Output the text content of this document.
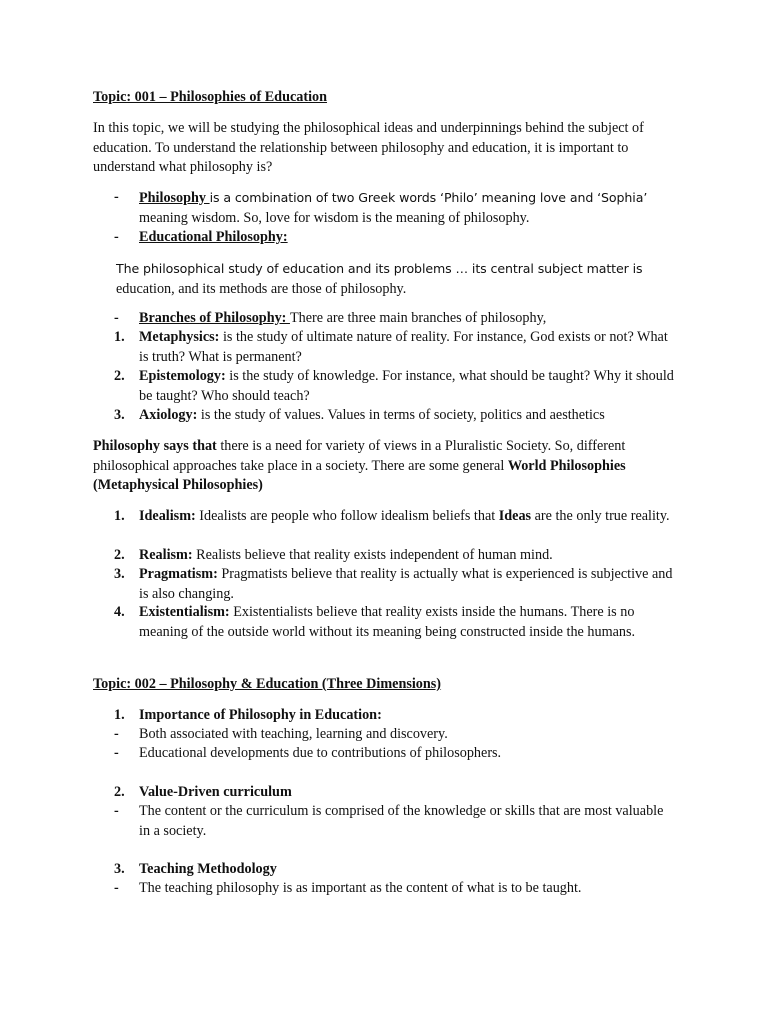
Topic: 001 – Philosophies of Education

In this topic, we will be studying the philosophical ideas and underpinnings behind the subject of education. To understand the relationship between philosophy and education, it is important to understand what philosophy is?

-	Philosophy is a combination of two Greek words ‘Philo’ meaning love and ‘Sophia’
meaning wisdom. So, love for wisdom is the meaning of philosophy.
-	Educational Philosophy:

The philosophical study of education and its problems … its central subject matter is
education, and its methods are those of philosophy.

-	Branches of Philosophy: There are three main branches of philosophy,
1.	Metaphysics: is the study of ultimate nature of reality. For instance, God exists or not? What is truth? What is permanent?
2.	Epistemology: is the study of knowledge. For instance, what should be taught? Why it should be taught? Who should teach?
3.	Axiology: is the study of values. Values in terms of society, politics and aesthetics

Philosophy says that there is a need for variety of views in a Pluralistic Society. So, different philosophical approaches take place in a society. There are some general World Philosophies (Metaphysical Philosophies)

1.	Idealism: Idealists are people who follow idealism beliefs that Ideas are the only true reality.
2.	Realism: Realists believe that reality exists independent of human mind.
3.	Pragmatism: Pragmatists believe that reality is actually what is experienced is subjective and is also changing.
4.	Existentialism: Existentialists believe that reality exists inside the humans. There is no meaning of the outside world without its meaning being constructed inside the humans.

Topic: 002 – Philosophy & Education (Three Dimensions)

1.	Importance of Philosophy in Education:
-	Both associated with teaching, learning and discovery.
-	Educational developments due to contributions of philosophers.
2.	Value-Driven curriculum
-	The content or the curriculum is comprised of the knowledge or skills that are most valuable in a society.
3.	Teaching Methodology
-	The teaching philosophy is as important as the content of what is to be taught.
